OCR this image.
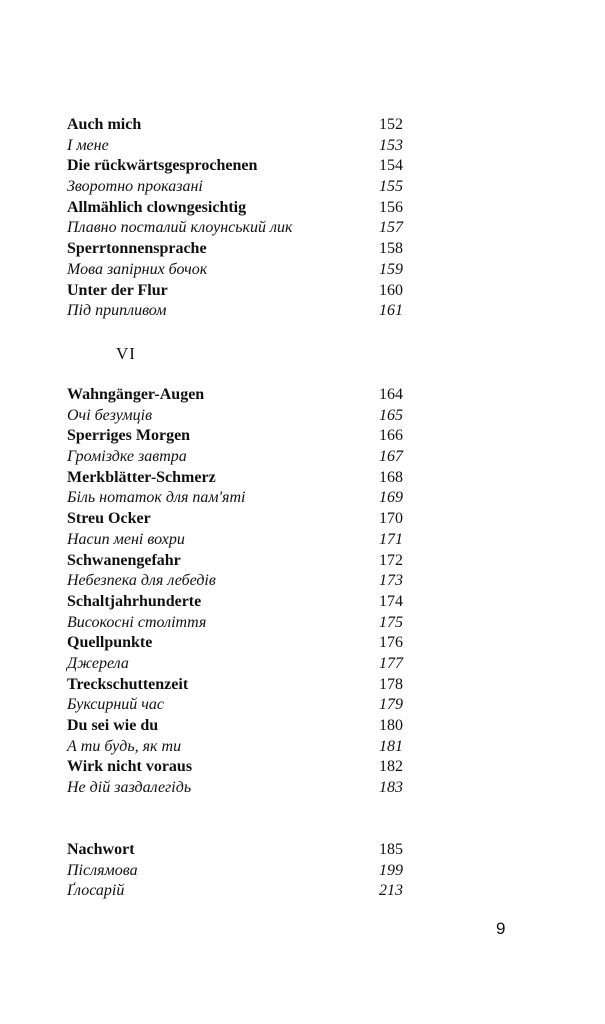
Auch mich	152
І мене	153
Die rückwärtsgesprochenen	154
Зворотно проказані	155
Allmählich clowngesichtig	156
Плавно посталий клоунський лик	157
Sperrtonnensprache	158
Мова запірних бочок	159
Unter der Flur	160
Під припливом	161
VI
Wahngänger-Augen	164
Очі безумців	165
Sperriges Morgen	166
Громіздке завтра	167
Merkblätter-Schmerz	168
Біль нотаток для пам'яті	169
Streu Ocker	170
Насип мені вохри	171
Schwanengefahr	172
Небезпека для лебедів	173
Schaltjahrhunderte	174
Високосні століття	175
Quellpunkte	176
Джерела	177
Treckschuttenzeit	178
Буксирний час	179
Du sei wie du	180
А ти будь, як ти	181
Wirk nicht voraus	182
Не дій заздалегідь	183
Nachwort	185
Післямова	199
Ґлосарій	213
9
